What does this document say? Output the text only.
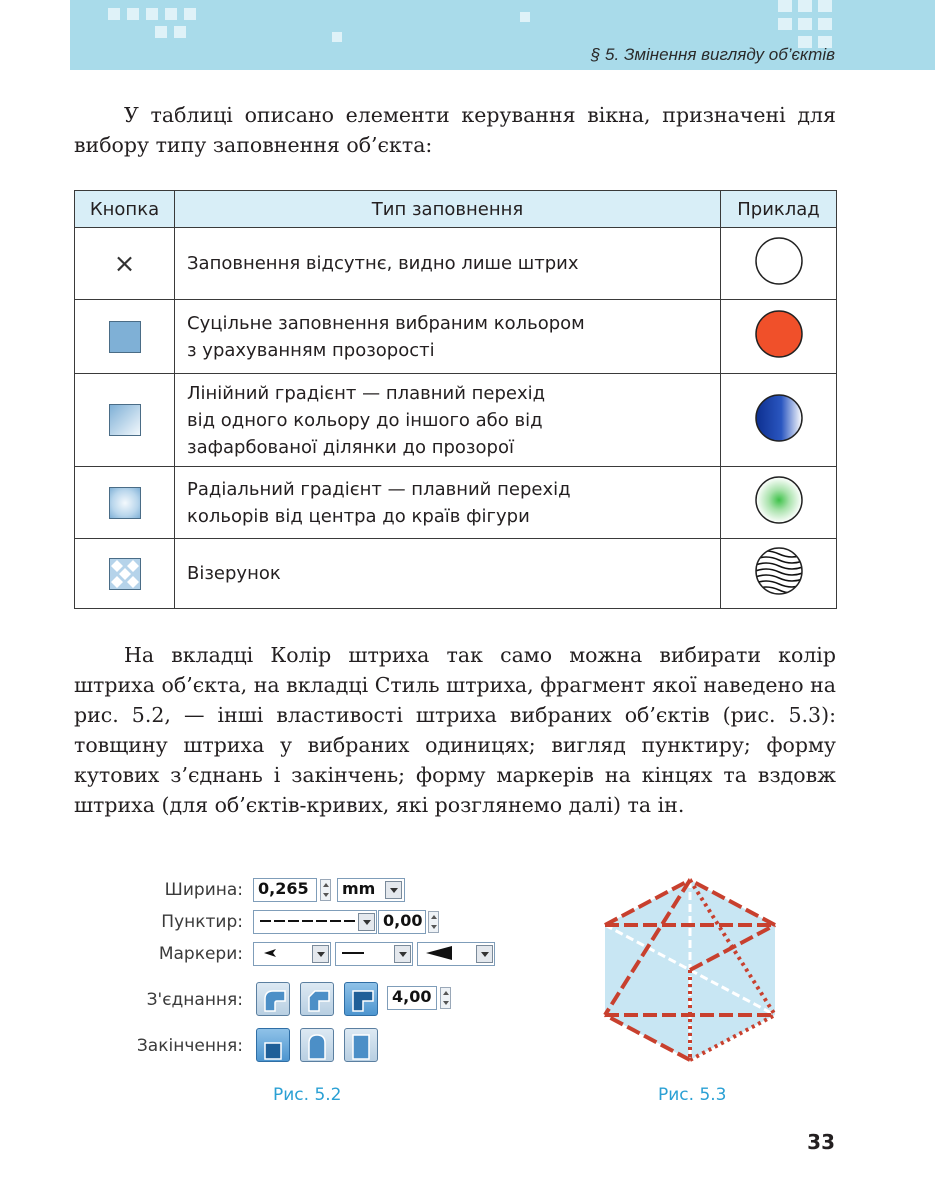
§ 5. Змінення вигляду об’єктів

У таблиці описано елементи керування вікна, призначені для вибору типу заповнення об’єкта:

Кнопка	Тип заповнення	Приклад
×	Заповнення відсутнє, видно лише штрих	

	Суцільне заповнення вибраним кольором
з урахуванням прозорості

	Лінійний градієнт — плавний перехід
від одного кольору до іншого або від
зафарбованої ділянки до прозорої

	Радіальний градієнт — плавний перехід
кольорів від центра до країв фігури

	Візерунок	

На вкладці Колір штриха так само можна вибирати колір штриха об’єкта, на вкладці Стиль штриха, фрагмент якої наведено на рис. 5.2, — інші властивості штриха вибраних об’єктів (рис. 5.3): товщину штриха у вибраних одиницях; вигляд пунктиру; форму кутових з’єднань і закінчень; форму маркерів на кінцях та вздовж штриха (для об’єктів-кривих, які розглянемо далі) та ін.

Ширина: 0,265	mm
Пунктир:	0,00
Маркери:
З'єднання:	4,00
Закінчення:
Рис. 5.2	Рис. 5.3
33
